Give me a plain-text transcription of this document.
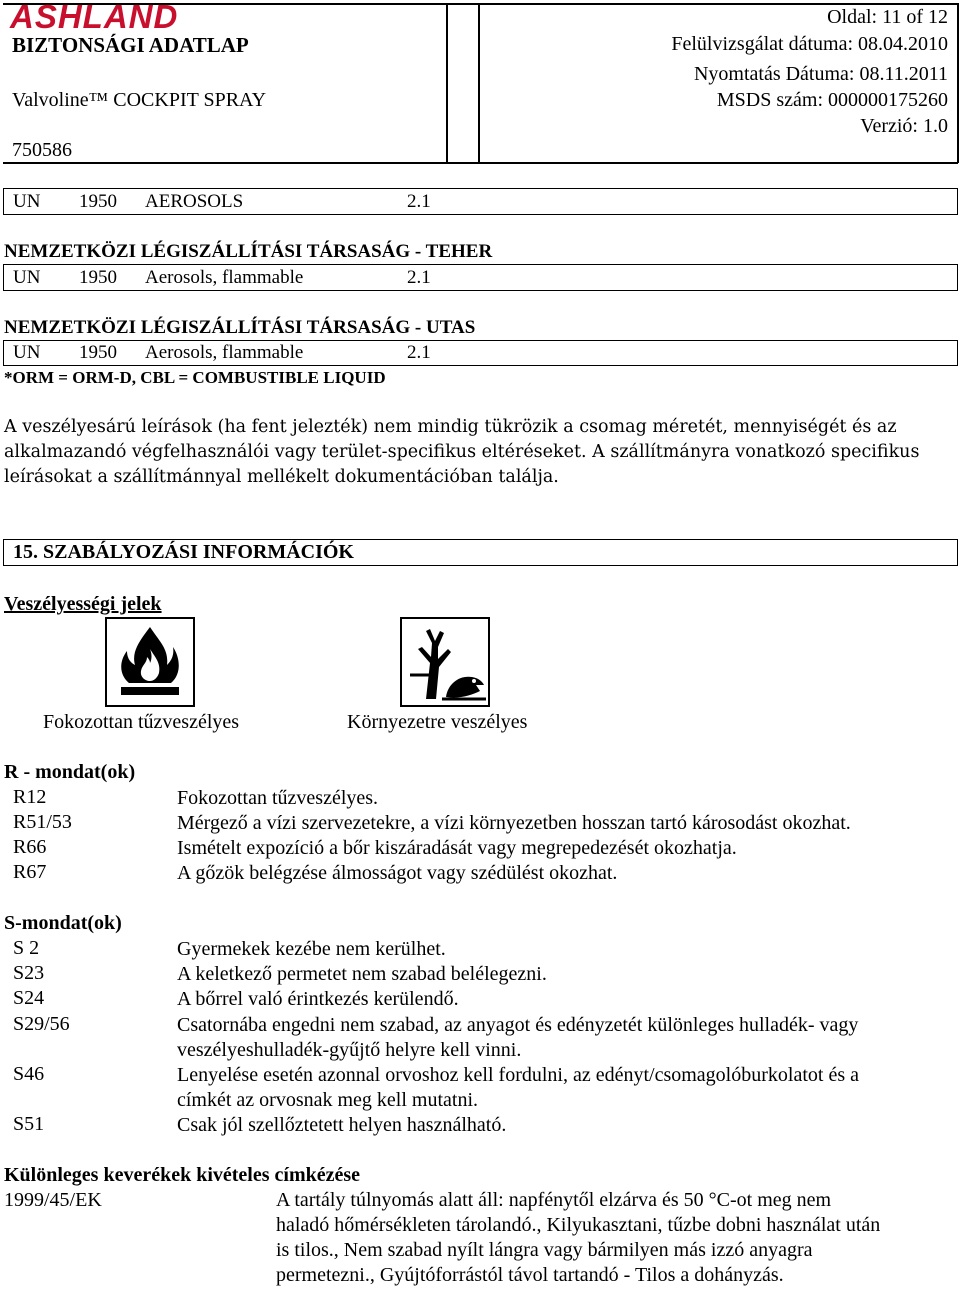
ASHLAND
BIZTONSÁGI ADATLAP
Valvoline™ COCKPIT SPRAY
750586
Oldal: 11 of 12
Felülvizsgálat dátuma: 08.04.2010
Nyomtatás Dátuma: 08.11.2011
MSDS szám: 000000175260
Verzió: 1.0
UN 1950 AEROSOLS	2.1
NEMZETKÖZI LÉGISZÁLLÍTÁSI TÁRSASÁG - TEHER
UN 1950 Aerosols, flammable	2.1
NEMZETKÖZI LÉGISZÁLLÍTÁSI TÁRSASÁG - UTAS
UN 1950 Aerosols, flammable	2.1
*ORM = ORM-D, CBL = COMBUSTIBLE LIQUID
A veszélyesárú leírások (ha fent jelezték) nem mindig tükrözik a csomag méretét, mennyiségét és az
alkalmazandó végfelhasználói vagy terület-specifikus eltéréseket. A szállítmányra vonatkozó specifikus
leírásokat a szállítmánnyal mellékelt dokumentációban találja.
15. SZABÁLYOZÁSI INFORMÁCIÓK
Veszélyességi jelek
Fokozottan tűzveszélyes	Környezetre veszélyes
R - mondat(ok)
R12	Fokozottan tűzveszélyes.
R51/53	Mérgező a vízi szervezetekre, a vízi környezetben hosszan tartó károsodást okozhat.
R66	Ismételt expozíció a bőr kiszáradását vagy megrepedezését okozhatja.
R67	A gőzök belégzése álmosságot vagy szédülést okozhat.
S-mondat(ok)
S 2	Gyermekek kezébe nem kerülhet.
S23	A keletkező permetet nem szabad belélegezni.
S24	A bőrrel való érintkezés kerülendő.
S29/56	Csatornába engedni nem szabad, az anyagot és edényzetét különleges hulladék- vagy
veszélyeshulladék-gyűjtő helyre kell vinni.
S46	Lenyelése esetén azonnal orvoshoz kell fordulni, az edényt/csomagolóburkolatot és a
címkét az orvosnak meg kell mutatni.
S51	Csak jól szellőztetett helyen használható.
Különleges keverékek kivételes címkézése
1999/45/EK	A tartály túlnyomás alatt áll: napfénytől elzárva és 50 °C-ot meg nem
haladó hőmérsékleten tárolandó., Kilyukasztani, tűzbe dobni használat után
is tilos., Nem szabad nyílt lángra vagy bármilyen más izzó anyagra
permetezni., Gyújtóforrástól távol tartandó - Tilos a dohányzás.
